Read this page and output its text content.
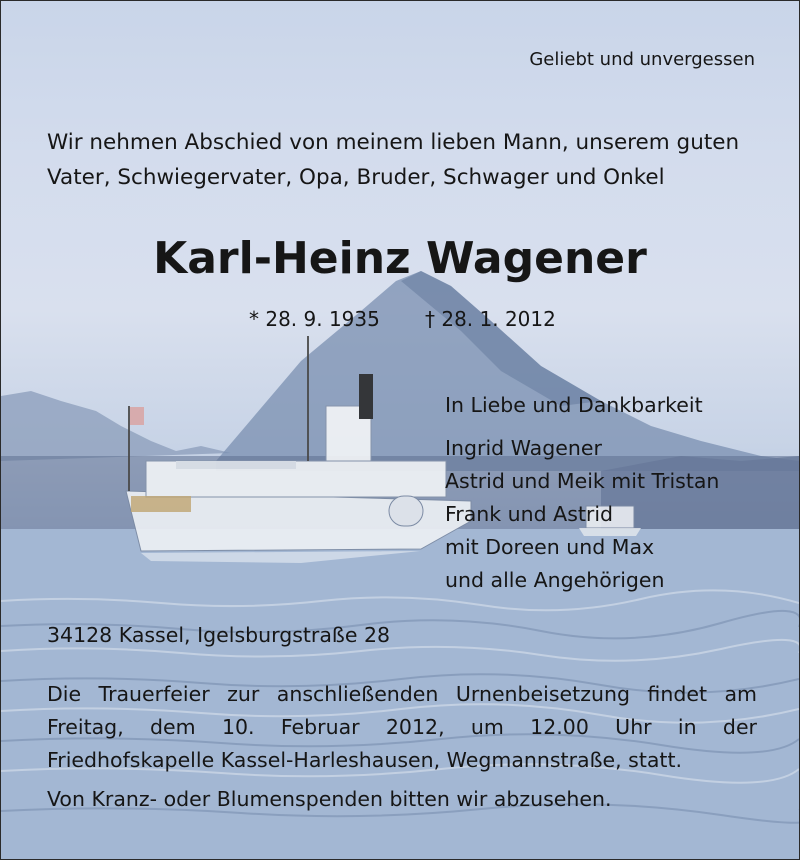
Geliebt und unvergessen
Wir nehmen Abschied von meinem lieben Mann, unserem guten
Vater, Schwiegervater, Opa, Bruder, Schwager und Onkel
Karl-Heinz Wagener
* 28. 9. 1935 † 28. 1. 2012
In Liebe und Dankbarkeit
Ingrid Wagener
Astrid und Meik mit Tristan
Frank und Astrid
mit Doreen und Max
und alle Angehörigen
34128 Kassel, Igelsburgstraße 28
Die Trauerfeier zur anschließenden Urnenbeisetzung findet am
Freitag, dem 10. Februar 2012, um 12.00 Uhr in der
Friedhofskapelle Kassel-Harleshausen, Wegmannstraße, statt.
Von Kranz- oder Blumenspenden bitten wir abzusehen.
